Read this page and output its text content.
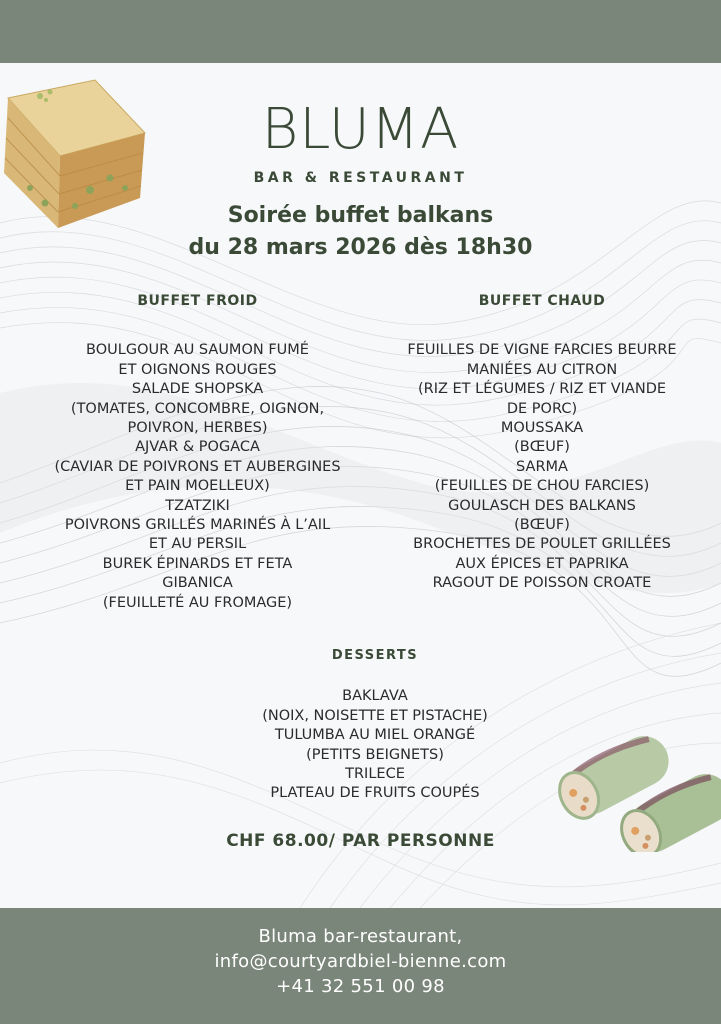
BLUMA
BAR & RESTAURANT
Soirée buffet balkans
du 28 mars 2026 dès 18h30
BUFFET FROID
BOULGOUR AU SAUMON FUMÉ
ET OIGNONS ROUGES
SALADE SHOPSKA
(TOMATES, CONCOMBRE, OIGNON,
POIVRON, HERBES)
AJVAR & POGACA
(CAVIAR DE POIVRONS ET AUBERGINES
ET PAIN MOELLEUX)
TZATZIKI
POIVRONS GRILLÉS MARINÉS À L’AIL
ET AU PERSIL
BUREK ÉPINARDS ET FETA
GIBANICA
(FEUILLETÉ AU FROMAGE)
BUFFET CHAUD
FEUILLES DE VIGNE FARCIES BEURRE
MANIÉES AU CITRON
(RIZ ET LÉGUMES / RIZ ET VIANDE
DE PORC)
MOUSSAKA
(BŒUF)
SARMA
(FEUILLES DE CHOU FARCIES)
GOULASCH DES BALKANS
(BŒUF)
BROCHETTES DE POULET GRILLÉES
AUX ÉPICES ET PAPRIKA
RAGOUT DE POISSON CROATE
DESSERTS
BAKLAVA
(NOIX, NOISETTE ET PISTACHE)
TULUMBA AU MIEL ORANGÉ
(PETITS BEIGNETS)
TRILECE
PLATEAU DE FRUITS COUPÉS
CHF 68.00/ PAR PERSONNE
Bluma bar-restaurant,
info@courtyardbiel-bienne.com
+41 32 551 00 98
